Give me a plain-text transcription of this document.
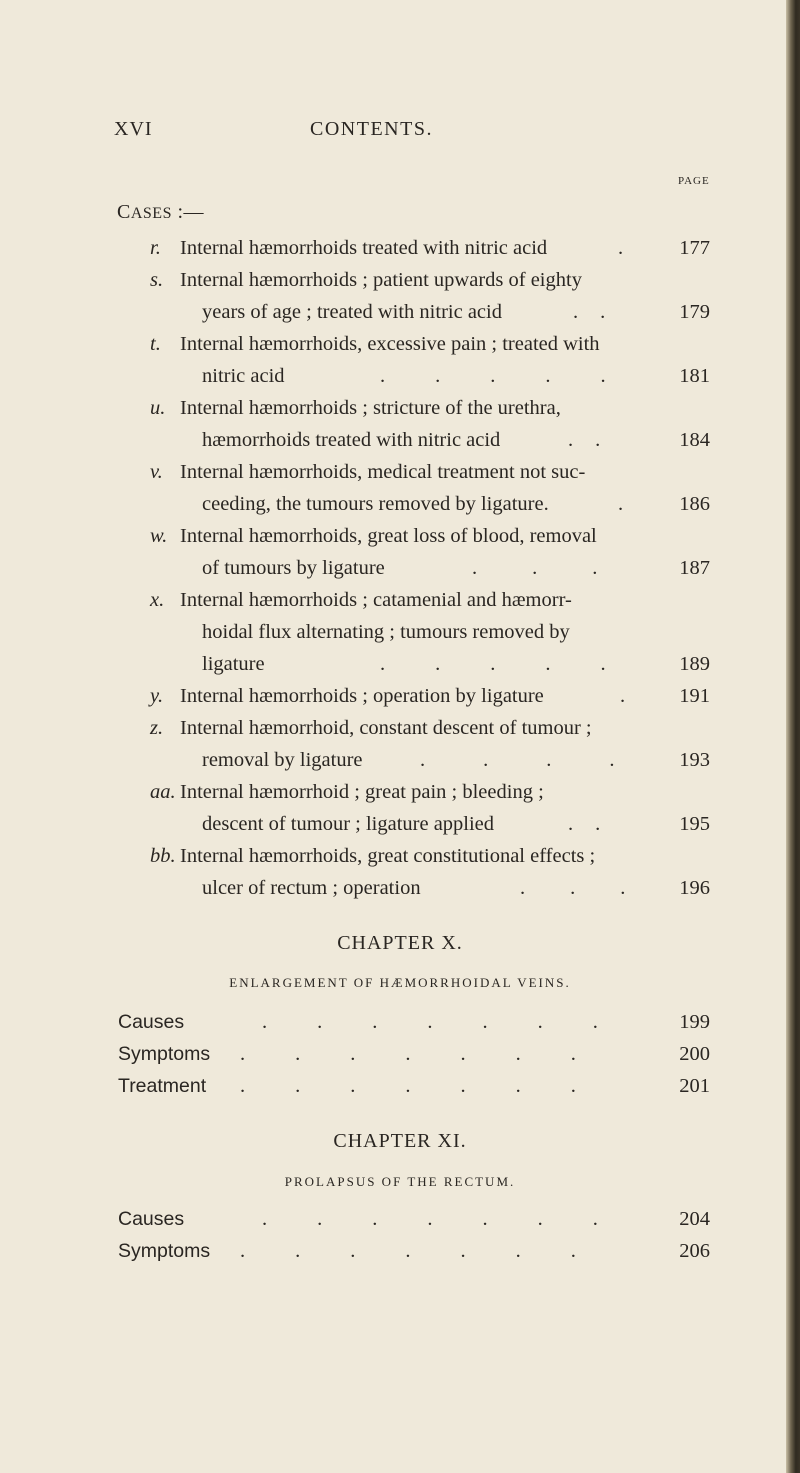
XVI	CONTENTS.
PAGE
CASES :—
r. Internal hæmorrhoids treated with nitric acid	.	177
s. Internal hæmorrhoids ; patient upwards of eighty
years of age ; treated with nitric acid	..	179
t. Internal hæmorrhoids, excessive pain ; treated with
nitric acid	.....	181
u. Internal hæmorrhoids ; stricture of the urethra,
hæmorrhoids treated with nitric acid	..	184
v. Internal hæmorrhoids, medical treatment not suc-
ceeding, the tumours removed by ligature.	.	186
w. Internal hæmorrhoids, great loss of blood, removal
of tumours by ligature	...	187
x. Internal hæmorrhoids ; catamenial and hæmorr-
hoidal flux alternating ; tumours removed by
ligature	.....	189
y. Internal hæmorrhoids ; operation by ligature	.	191
z. Internal hæmorrhoid, constant descent of tumour ;
removal by ligature	.... 193
aa. Internal hæmorrhoid ; great pain ; bleeding ;
descent of tumour ; ligature applied	..	195
bb. Internal hæmorrhoids, great constitutional effects ;
ulcer of rectum ; operation	... 196
CHAPTER X.
ENLARGEMENT OF HÆMORRHOIDAL VEINS.
Causes	.......	199
Symptoms .......	200
Treatment .......	201
CHAPTER XI.
PROLAPSUS OF THE RECTUM.
Causes	.......	204
Symptoms .......	206
